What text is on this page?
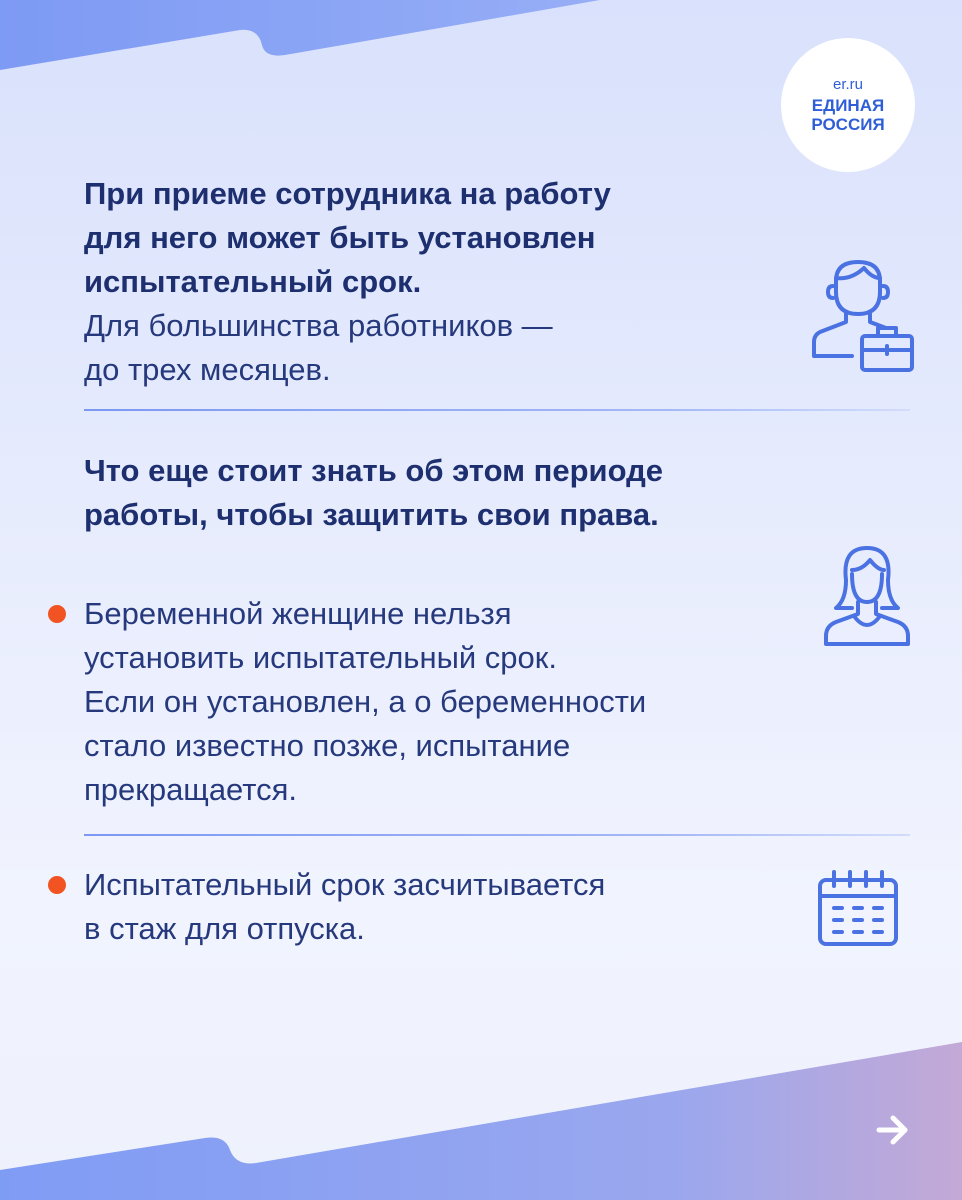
er.ru
ЕДИНАЯ
РОССИЯ
При приеме сотрудника на работу
для него может быть установлен
испытательный срок.
Для большинства работников —
до трех месяцев.
Что еще стоит знать об этом периоде
работы, чтобы защитить свои права.
Беременной женщине нельзя
установить испытательный срок.
Если он установлен, а о беременности
стало известно позже, испытание
прекращается.
Испытательный срок засчитывается
в стаж для отпуска.
